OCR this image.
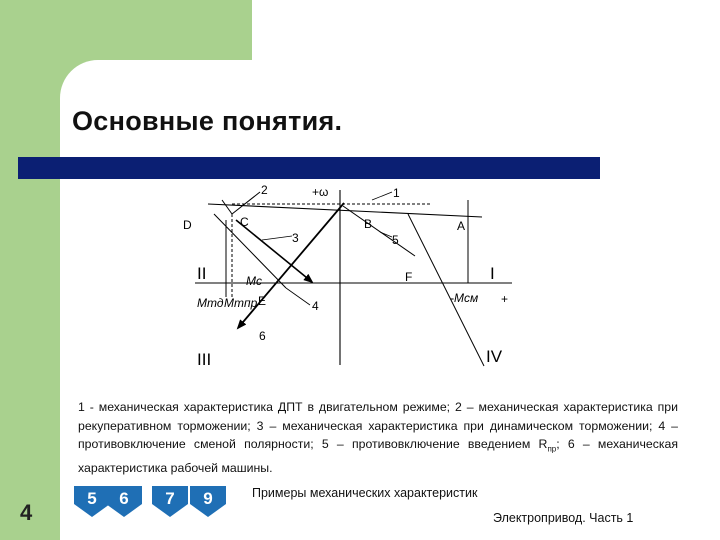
Основные понятия.
2	+ω	1
D	C	B	A
3	5
II	I
Мс	F
Мтд Мтпр E	4
-Мсм +
6
III	IV
1 - механическая характеристика ДПТ в двигательном режиме; 2 – механическая характеристика при рекуперативном торможении; 3 – механическая характеристика при динамическом торможении; 4 – противовключение сменой полярности; 5 – противовключение введением $R_{пр}$; 6 – механическая характеристика рабочей машины.
4
5	6	7	9	Примеры механических характеристик
Электропривод. Часть 1
